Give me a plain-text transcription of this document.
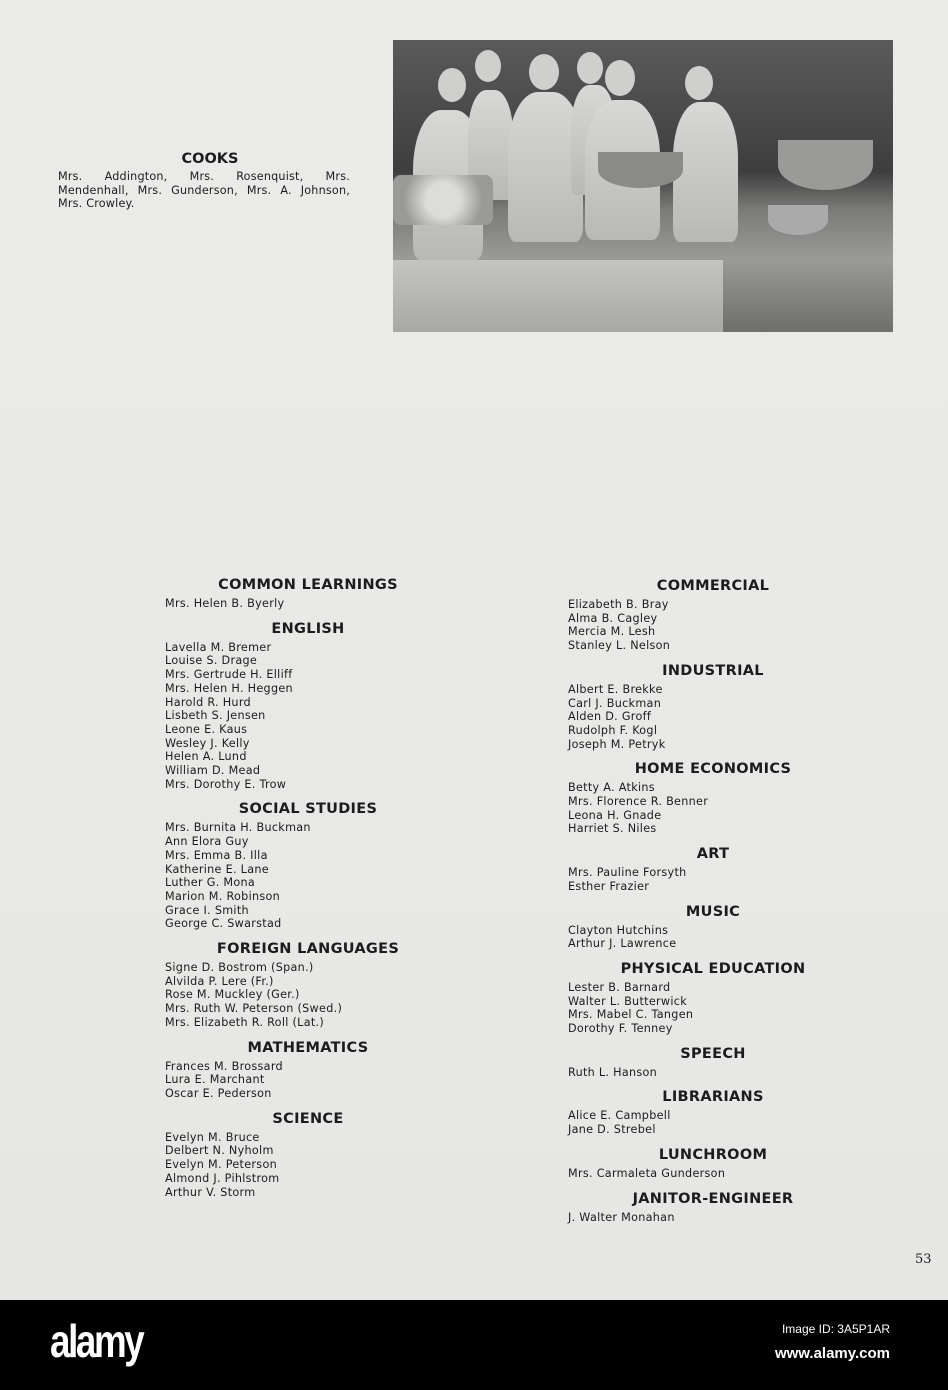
COOKS

Mrs. Addington, Mrs. Rosenquist, Mrs. Mendenhall, Mrs. Gunderson, Mrs. A. Johnson, Mrs. Crowley.

COMMON LEARNINGS
Mrs. Helen B. Byerly
ENGLISH
Lavella M. Bremer
Louise S. Drage
Mrs. Gertrude H. Elliff
Mrs. Helen H. Heggen
Harold R. Hurd
Lisbeth S. Jensen
Leone E. Kaus
Wesley J. Kelly
Helen A. Lund
William D. Mead
Mrs. Dorothy E. Trow
SOCIAL STUDIES
Mrs. Burnita H. Buckman
Ann Elora Guy
Mrs. Emma B. Illa
Katherine E. Lane
Luther G. Mona
Marion M. Robinson
Grace I. Smith
George C. Swarstad
FOREIGN LANGUAGES
Signe D. Bostrom (Span.)
Alvilda P. Lere (Fr.)
Rose M. Muckley (Ger.)
Mrs. Ruth W. Peterson (Swed.)
Mrs. Elizabeth R. Roll (Lat.)
MATHEMATICS
Frances M. Brossard
Lura E. Marchant
Oscar E. Pederson
SCIENCE
Evelyn M. Bruce
Delbert N. Nyholm
Evelyn M. Peterson
Almond J. Pihlstrom
Arthur V. Storm
COMMERCIAL
Elizabeth B. Bray
Alma B. Cagley
Mercia M. Lesh
Stanley L. Nelson
INDUSTRIAL
Albert E. Brekke
Carl J. Buckman
Alden D. Groff
Rudolph F. Kogl
Joseph M. Petryk
HOME ECONOMICS
Betty A. Atkins
Mrs. Florence R. Benner
Leona H. Gnade
Harriet S. Niles
ART
Mrs. Pauline Forsyth
Esther Frazier
MUSIC
Clayton Hutchins
Arthur J. Lawrence
PHYSICAL EDUCATION
Lester B. Barnard
Walter L. Butterwick
Mrs. Mabel C. Tangen
Dorothy F. Tenney
SPEECH
Ruth L. Hanson
LIBRARIANS
Alice E. Campbell
Jane D. Strebel
LUNCHROOM
Mrs. Carmaleta Gunderson
JANITOR-ENGINEER
J. Walter Monahan
53
alamy	Image ID: 3A5P1AR
www.alamy.com
